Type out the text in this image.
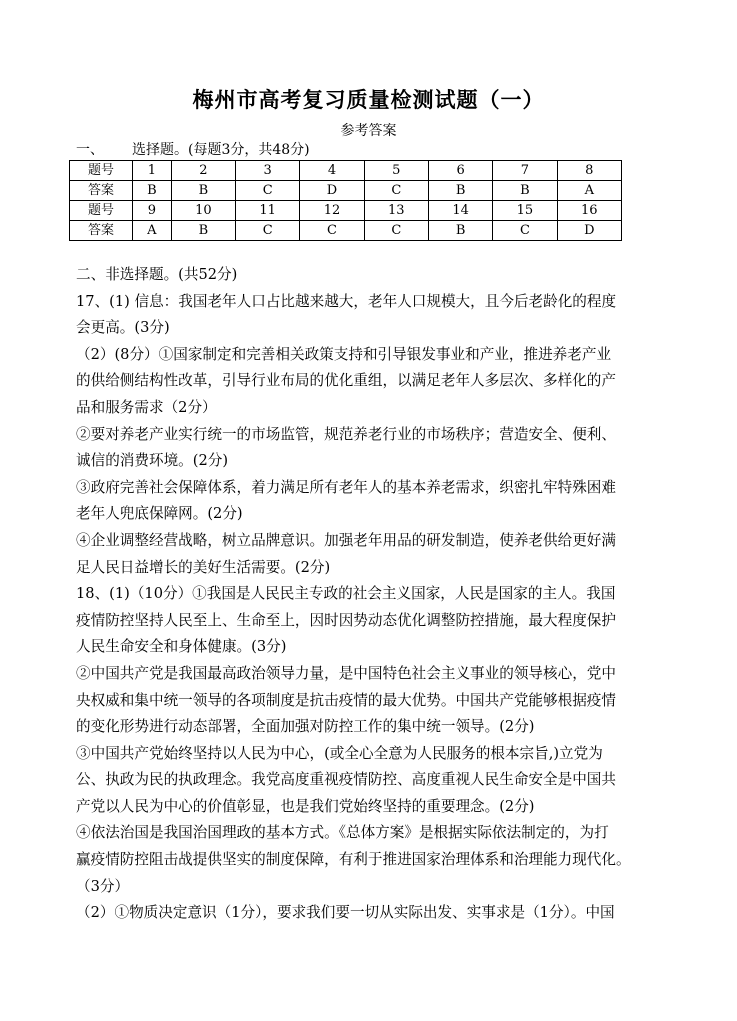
梅州市高考复习质量检测试题（一）
参考答案
一、 选择题。(每题3分，共48分)
题号	1	2	3	4	5	6	7	8
答案	B	B	C	D	C	B	B	A
题号	9	10	11	12	13	14	15	16
答案	A	B	C	C	C	B	C	D

二、非选择题。(共52分)

17、(1) 信息：我国老年人口占比越来越大，老年人口规模大，且今后老龄化的程度

会更高。(3分)

（2）(8分）①国家制定和完善相关政策支持和引导银发事业和产业，推进养老产业

的供给侧结构性改革，引导行业布局的优化重组，以满足老年人多层次、多样化的产

品和服务需求（2分）

②要对养老产业实行统一的市场监管，规范养老行业的市场秩序；营造安全、便利、

诚信的消费环境。(2分)

③政府完善社会保障体系，着力满足所有老年人的基本养老需求，织密扎牢特殊困难

老年人兜底保障网。(2分)

④企业调整经营战略，树立品牌意识。加强老年用品的研发制造，使养老供给更好满

足人民日益增长的美好生活需要。(2分)

18、(1)（10分）①我国是人民民主专政的社会主义国家，人民是国家的主人。我国

疫情防控坚持人民至上、生命至上，因时因势动态优化调整防控措施，最大程度保护

人民生命安全和身体健康。(3分)

②中国共产党是我国最高政治领导力量，是中国特色社会主义事业的领导核心，党中

央权威和集中统一领导的各项制度是抗击疫情的最大优势。中国共产党能够根据疫情

的变化形势进行动态部署，全面加强对防控工作的集中统一领导。(2分)

③中国共产党始终坚持以人民为中心，(或全心全意为人民服务的根本宗旨,)立党为

公、执政为民的执政理念。我党高度重视疫情防控、高度重视人民生命安全是中国共

产党以人民为中心的价值彰显，也是我们党始终坚持的重要理念。(2分)

④依法治国是我国治国理政的基本方式。《总体方案》是根据实际依法制定的，为打

赢疫情防控阻击战提供坚实的制度保障，有利于推进国家治理体系和治理能力现代化。

（3分）

（2）①物质决定意识（1分），要求我们要一切从实际出发、实事求是（1分）。中国
